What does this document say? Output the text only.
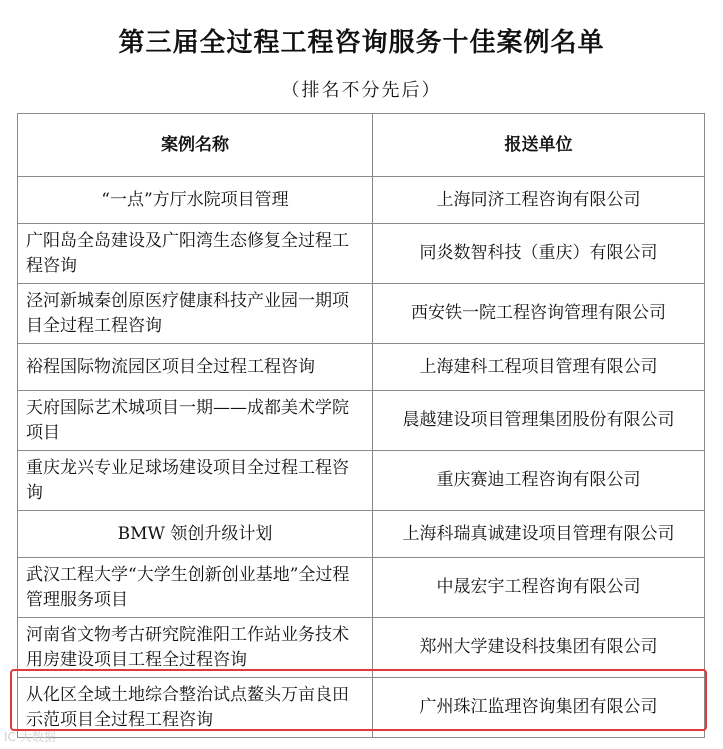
第三届全过程工程咨询服务十佳案例名单
（排名不分先后）
案例名称	报送单位
“一点”方厅水院项目管理	上海同济工程咨询有限公司
广阳岛全岛建设及广阳湾生态修复全过程工程咨询	同炎数智科技（重庆）有限公司
泾河新城秦创原医疗健康科技产业园一期项目全过程工程咨询	西安铁一院工程咨询管理有限公司
裕程国际物流园区项目全过程工程咨询	上海建科工程项目管理有限公司
天府国际艺术城项目一期——成都美术学院项目	晨越建设项目管理集团股份有限公司
重庆龙兴专业足球场建设项目全过程工程咨询	重庆赛迪工程咨询有限公司
BMW 领创升级计划	上海科瑞真诚建设项目管理有限公司
武汉工程大学“大学生创新创业基地”全过程管理服务项目	中晟宏宇工程咨询有限公司
河南省文物考古研究院淮阳工作站业务技术用房建设项目工程全过程咨询	郑州大学建设科技集团有限公司
从化区全域土地综合整治试点鳌头万亩良田示范项目全过程工程咨询	广州珠江监理咨询集团有限公司
IC 大数据
